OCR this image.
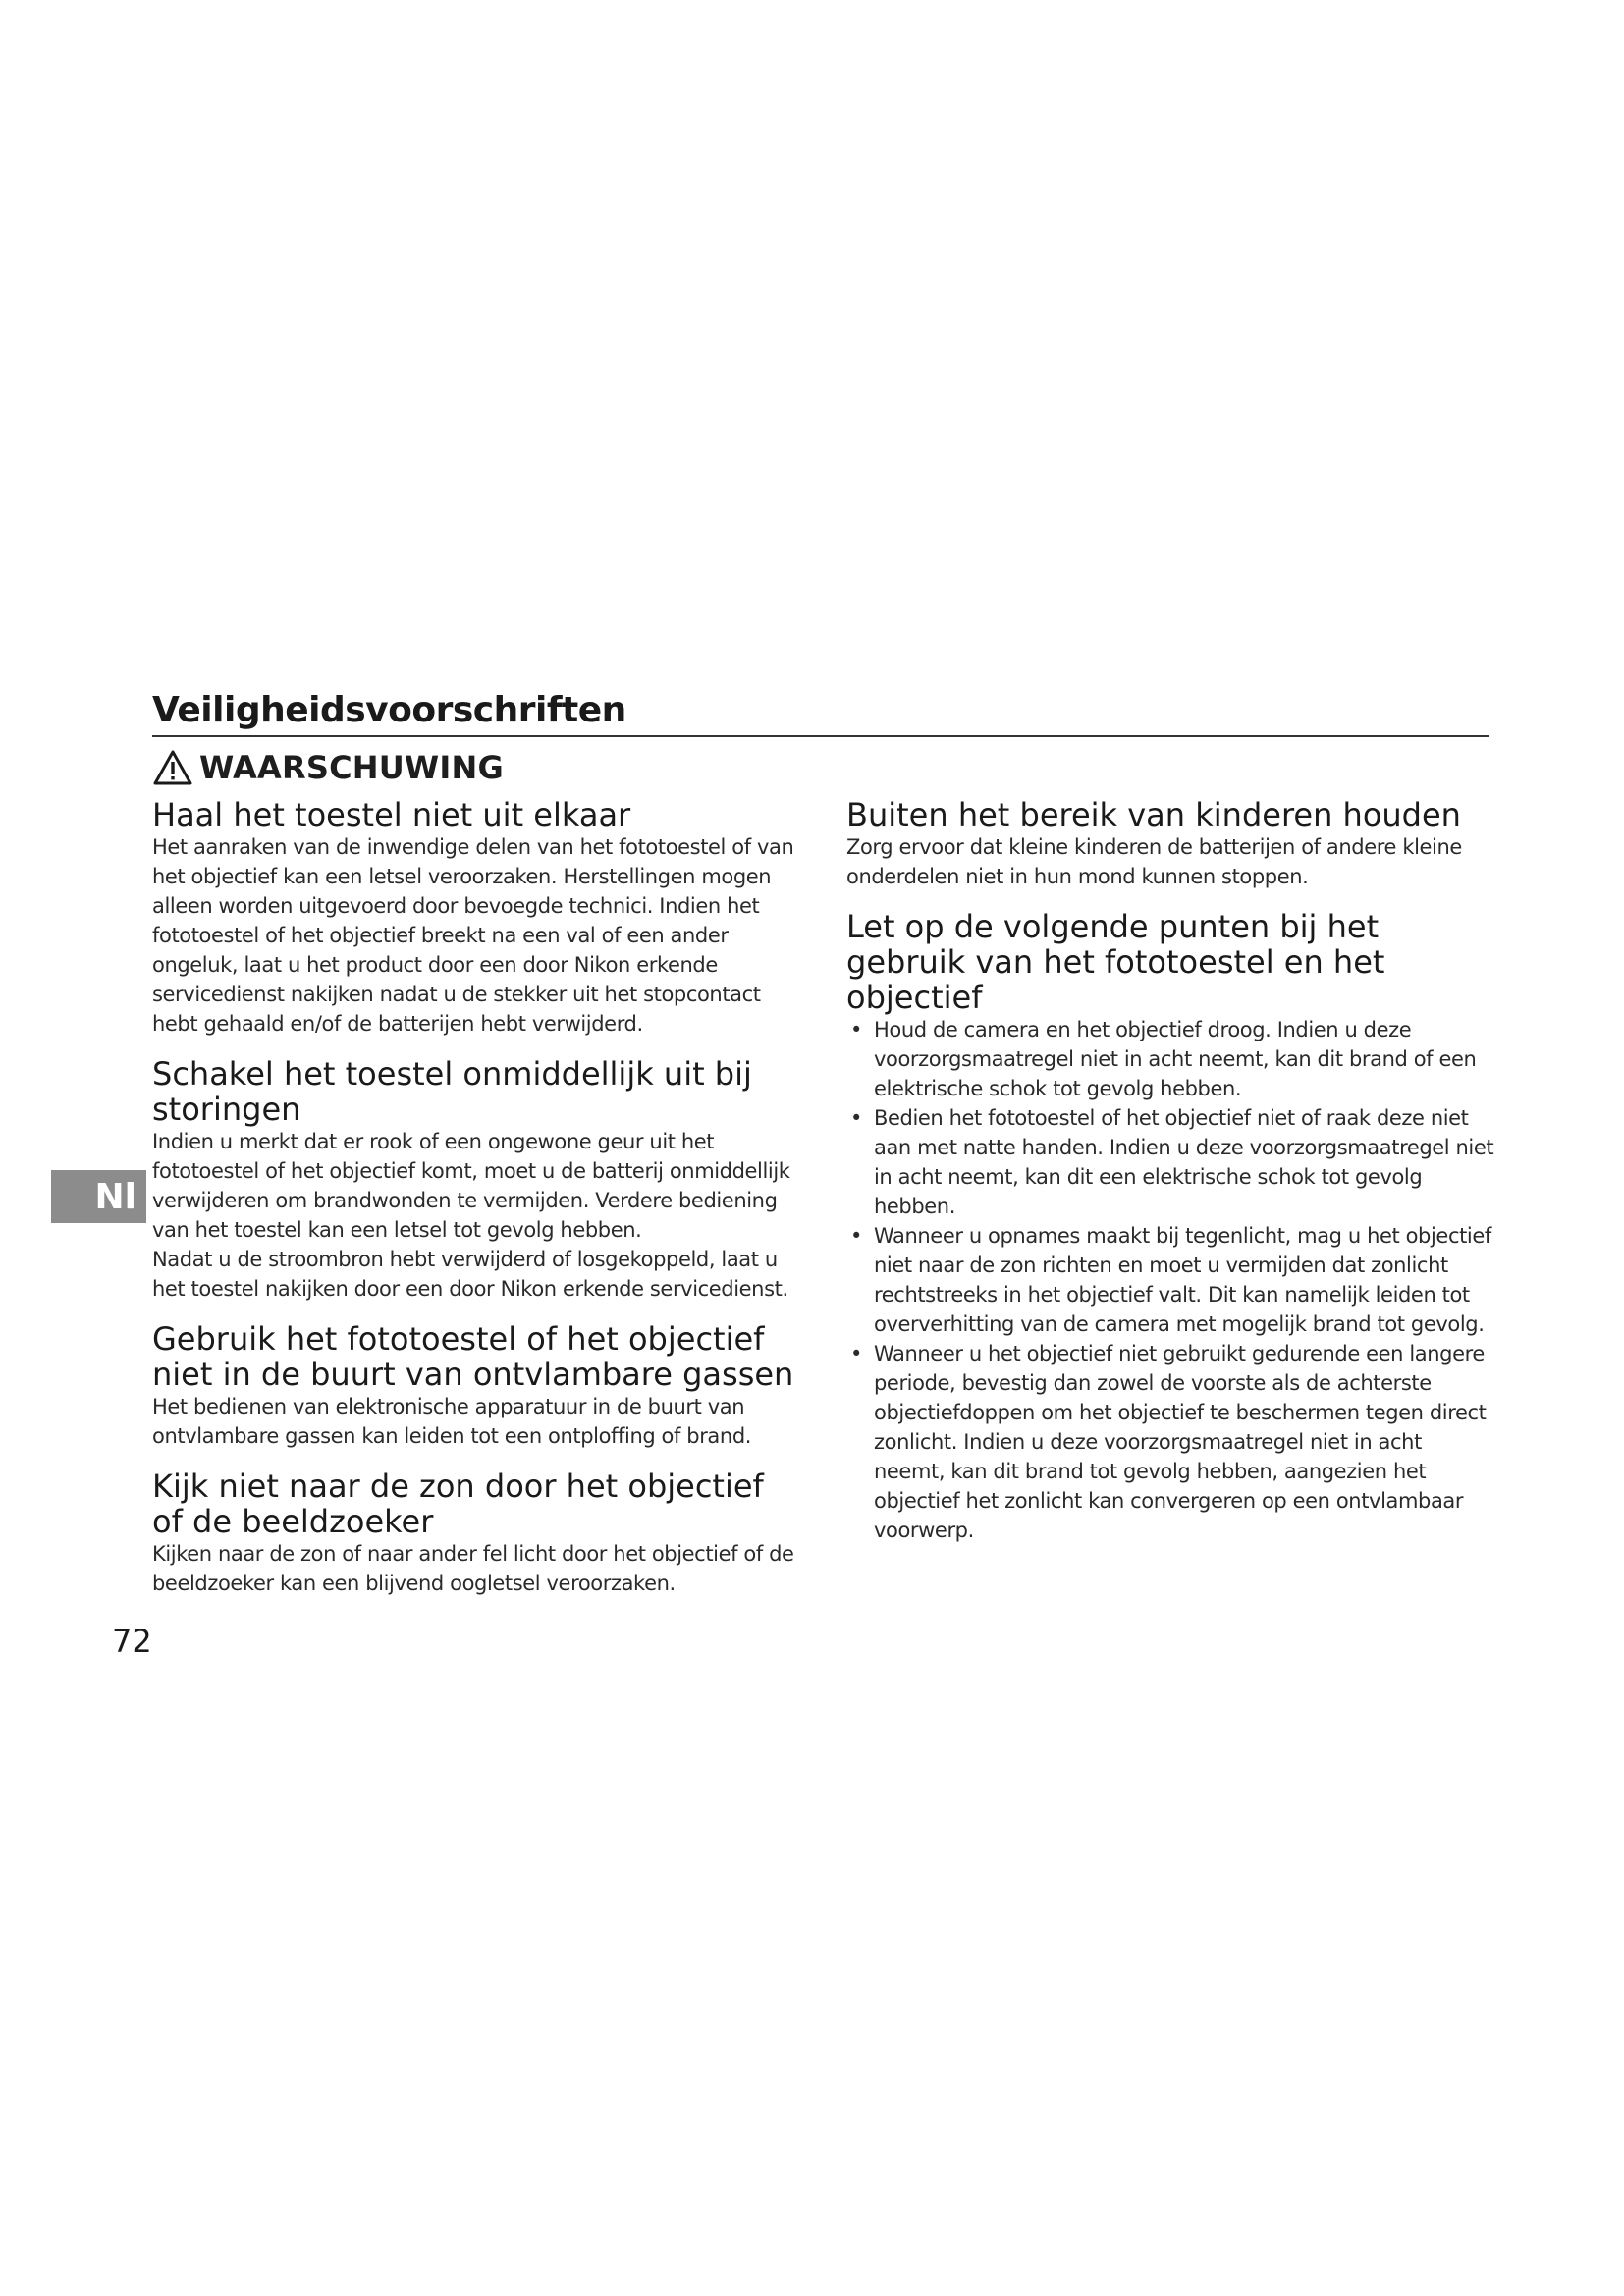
Veiligheidsvoorschriften
WAARSCHUWING
Haal het toestel niet uit elkaar

Het aanraken van de inwendige delen van het fototoestel of van het objectief kan een letsel veroorzaken. Herstellingen mogen alleen worden uitgevoerd door bevoegde technici. Indien het fototoestel of het objectief breekt na een val of een ander ongeluk, laat u het product door een door Nikon erkende servicedienst nakijken nadat u de stekker uit het stopcontact hebt gehaald en/of de batterijen hebt verwijderd.

Schakel het toestel onmiddellijk uit bij storingen

Indien u merkt dat er rook of een ongewone geur uit het fototoestel of het objectief komt, moet u de batterij onmiddellijk verwijderen om brandwonden te vermijden. Verdere bediening van het toestel kan een letsel tot gevolg hebben.

Nadat u de stroombron hebt verwijderd of losgekoppeld, laat u het toestel nakijken door een door Nikon erkende servicedienst.

Gebruik het fototoestel of het objectief niet in de buurt van ontvlambare gassen

Het bedienen van elektronische apparatuur in de buurt van ontvlambare gassen kan leiden tot een ontploffing of brand.

Kijk niet naar de zon door het objectief of de beeldzoeker

Kijken naar de zon of naar ander fel licht door het objectief of de beeldzoeker kan een blijvend oogletsel veroorzaken.

Buiten het bereik van kinderen houden

Zorg ervoor dat kleine kinderen de batterijen of andere kleine onderdelen niet in hun mond kunnen stoppen.

Let op de volgende punten bij het gebruik van het fototoestel en het objectief
• Houd de camera en het objectief droog. Indien u deze voorzorgsmaatregel niet in acht neemt, kan dit brand of een elektrische schok tot gevolg hebben.
• Bedien het fototoestel of het objectief niet of raak deze niet aan met natte handen. Indien u deze voorzorgsmaatregel niet in acht neemt, kan dit een elektrische schok tot gevolg hebben.
• Wanneer u opnames maakt bij tegenlicht, mag u het objectief niet naar de zon richten en moet u vermijden dat zonlicht rechtstreeks in het objectief valt. Dit kan namelijk leiden tot oververhitting van de camera met mogelijk brand tot gevolg.
• Wanneer u het objectief niet gebruikt gedurende een langere periode, bevestig dan zowel de voorste als de achterste objectiefdoppen om het objectief te beschermen tegen direct zonlicht. Indien u deze voorzorgsmaatregel niet in acht neemt, kan dit brand tot gevolg hebben, aangezien het objectief het zonlicht kan convergeren op een ontvlambaar voorwerp.
Nl
72
